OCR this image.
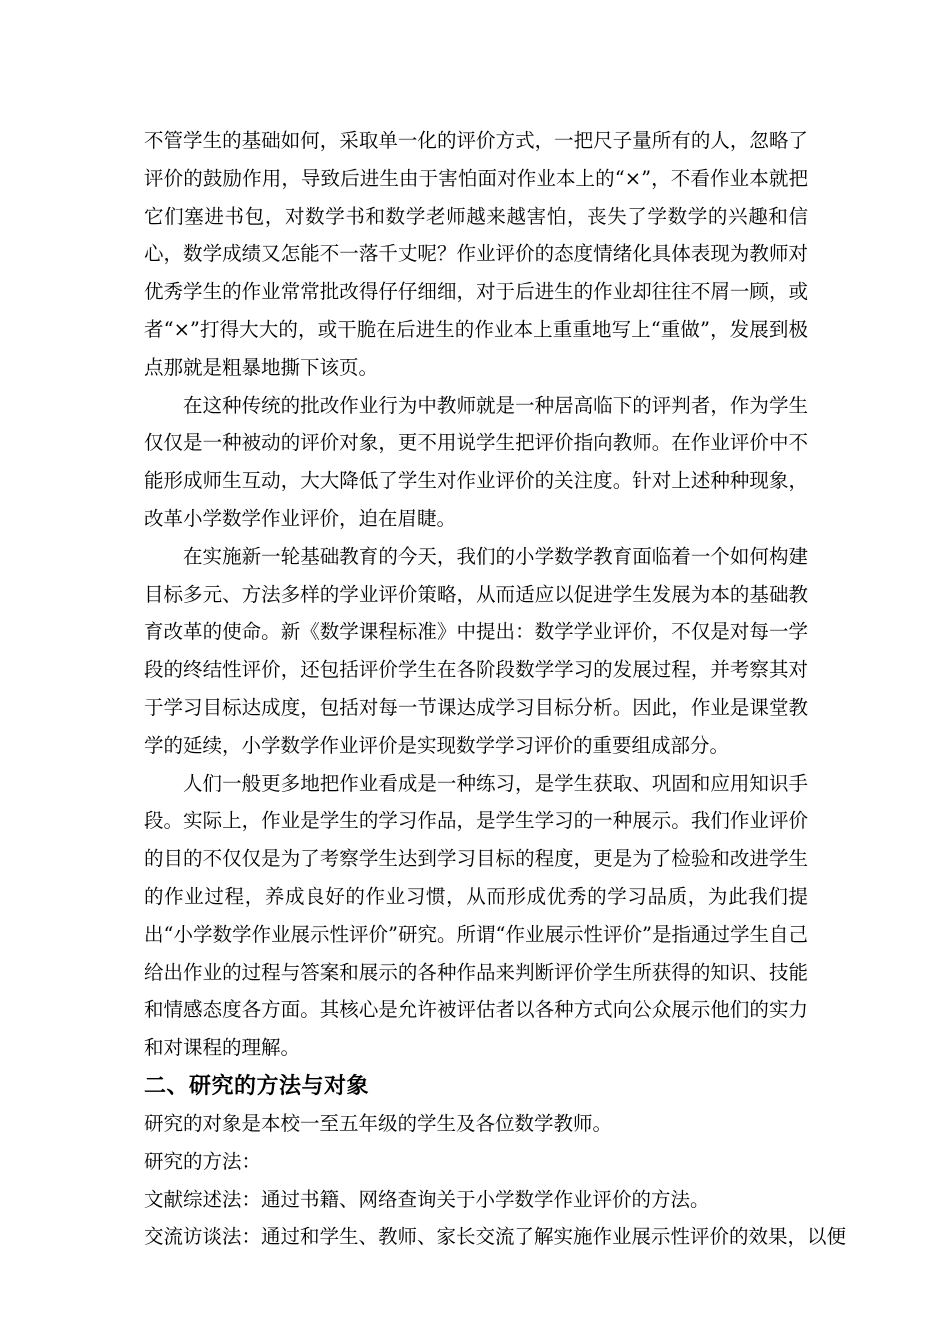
不管学生的基础如何，采取单一化的评价方式，一把尺子量所有的人，忽略了评价的鼓励作用，导致后进生由于害怕面对作业本上的“×”，不看作业本就把它们塞进书包，对数学书和数学老师越来越害怕，丧失了学数学的兴趣和信心，数学成绩又怎能不一落千丈呢？作业评价的态度情绪化具体表现为教师对优秀学生的作业常常批改得仔仔细细，对于后进生的作业却往往不屑一顾，或者“×”打得大大的，或干脆在后进生的作业本上重重地写上“重做”，发展到极点那就是粗暴地撕下该页。

在这种传统的批改作业行为中教师就是一种居高临下的评判者，作为学生仅仅是一种被动的评价对象，更不用说学生把评价指向教师。在作业评价中不能形成师生互动，大大降低了学生对作业评价的关注度。针对上述种种现象，改革小学数学作业评价，迫在眉睫。

在实施新一轮基础教育的今天，我们的小学数学教育面临着一个如何构建目标多元、方法多样的学业评价策略，从而适应以促进学生发展为本的基础教育改革的使命。新《数学课程标准》中提出：数学学业评价，不仅是对每一学段的终结性评价，还包括评价学生在各阶段数学学习的发展过程，并考察其对于学习目标达成度，包括对每一节课达成学习目标分析。因此，作业是课堂教学的延续，小学数学作业评价是实现数学学习评价的重要组成部分。

人们一般更多地把作业看成是一种练习，是学生获取、巩固和应用知识手段。实际上，作业是学生的学习作品，是学生学习的一种展示。我们作业评价的目的不仅仅是为了考察学生达到学习目标的程度，更是为了检验和改进学生的作业过程，养成良好的作业习惯，从而形成优秀的学习品质，为此我们提出“小学数学作业展示性评价”研究。所谓“作业展示性评价”是指通过学生自己给出作业的过程与答案和展示的各种作品来判断评价学生所获得的知识、技能和情感态度各方面。其核心是允许被评估者以各种方式向公众展示他们的实力和对课程的理解。

二、研究的方法与对象

研究的对象是本校一至五年级的学生及各位数学教师。

研究的方法：

文献综述法：通过书籍、网络查询关于小学数学作业评价的方法。

交流访谈法：通过和学生、教师、家长交流了解实施作业展示性评价的效果，以便
